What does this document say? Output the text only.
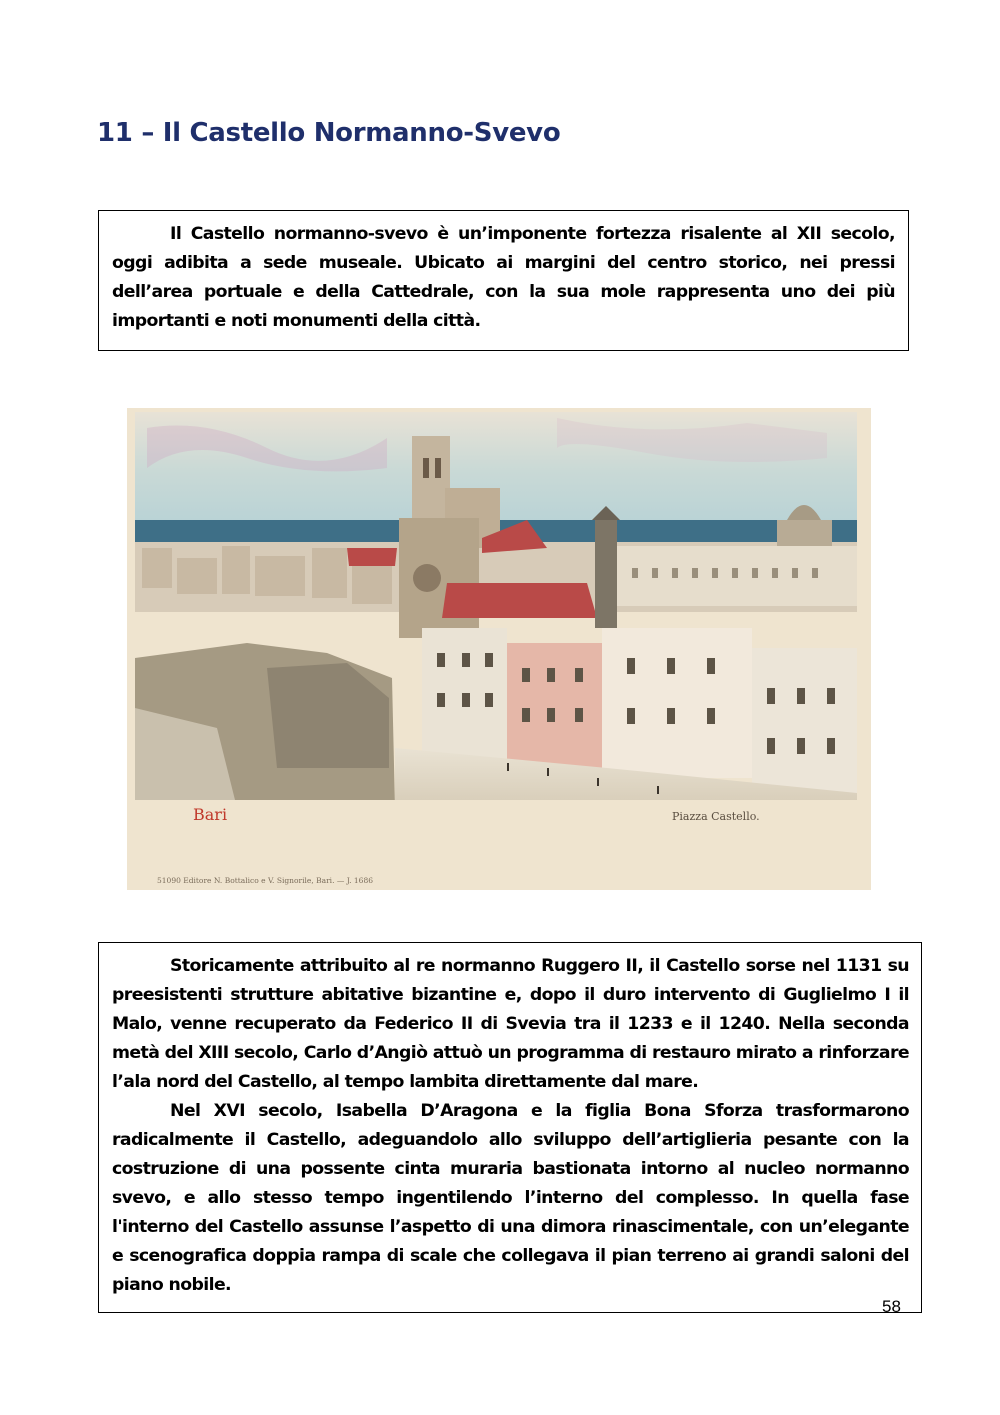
11 – Il Castello Normanno-Svevo

Il Castello normanno-svevo è un’imponente fortezza risalente al XII secolo, oggi adibita a sede museale. Ubicato ai margini del centro storico, nei pressi dell’area portuale e della Cattedrale, con la sua mole rappresenta uno dei più importanti e noti monumenti della città.

Bari	Piazza Castello.
51090 Editore N. Bottalico e V. Signorile, Bari. — J. 1686

Storicamente attribuito al re normanno Ruggero II, il Castello sorse nel 1131 su preesistenti strutture abitative bizantine e, dopo il duro intervento di Guglielmo I il Malo, venne recuperato da Federico II di Svevia tra il 1233 e il 1240. Nella seconda metà del XIII secolo, Carlo d’Angiò attuò un programma di restauro mirato a rinforzare l’ala nord del Castello, al tempo lambita direttamente dal mare.

Nel XVI secolo, Isabella D’Aragona e la figlia Bona Sforza trasformarono radicalmente il Castello, adeguandolo allo sviluppo dell’artiglieria pesante con la costruzione di una possente cinta muraria bastionata intorno al nucleo normanno svevo, e allo stesso tempo ingentilendo l’interno del complesso. In quella fase l'interno del Castello assunse l’aspetto di una dimora rinascimentale, con un’elegante e scenografica doppia rampa di scale che collegava il pian terreno ai grandi saloni del piano nobile.

58
